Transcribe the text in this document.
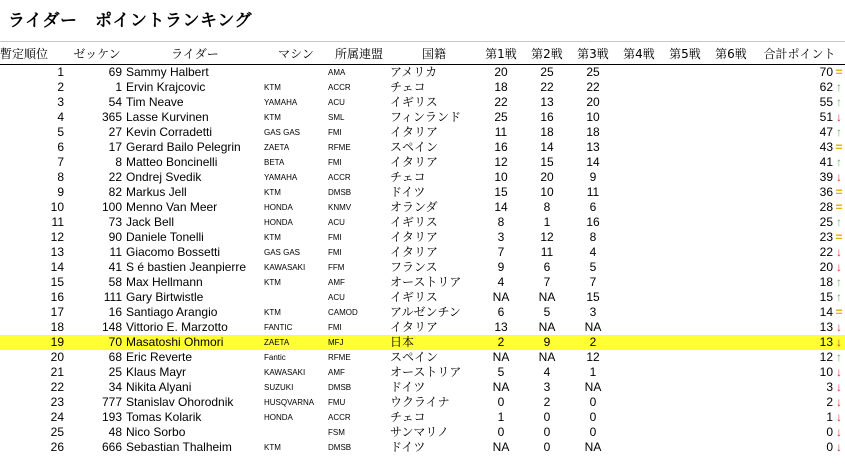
ライダー　ポイントランキング
暫定順位	ゼッケン	ライダー	マシン	所属連盟	国籍	第1戦	第2戦	第3戦	第4戦	第5戦	第6戦	合計ポイント
1	69	Sammy Halbert		AMA	アメリカ	20	25	25				70 =
2	1	Ervin Krajcovic	KTM	ACCR	チェコ	18	22	22				62 ↑
3	54	Tim Neave	YAMAHA	ACU	イギリス	22	13	20				55 ↑
4	365	Lasse Kurvinen	KTM	SML	フィンランド	25	16	10				51 ↓
5	27	Kevin Corradetti	GAS GAS	FMI	イタリア	11	18	18				47 ↑
6	17	Gerard Bailo Pelegrin	ZAETA	RFME	スペイン	16	14	13				43 =
7	8	Matteo Boncinelli	BETA	FMI	イタリア	12	15	14				41 ↑
8	22	Ondrej Svedik	YAMAHA	ACCR	チェコ	10	20	9				39 ↓
9	82	Markus Jell	KTM	DMSB	ドイツ	15	10	11				36 =
10	100	Menno Van Meer	HONDA	KNMV	オランダ	14	8	6				28 =
11	73	Jack Bell	HONDA	ACU	イギリス	8	1	16				25 ↑
12	90	Daniele Tonelli	KTM	FMI	イタリア	3	12	8				23 =
13	11	Giacomo Bossetti	GAS GAS	FMI	イタリア	7	11	4				22 ↓
14	41	S é bastien Jeanpierre	KAWASAKI	FFM	フランス	9	6	5				20 ↓
15	58	Max Hellmann	KTM	AMF	オーストリア	4	7	7				18 ↑
16	111	Gary Birtwistle		ACU	イギリス	NA	NA	15				15 ↑
17	16	Santiago Arangio	KTM	CAMOD	アルゼンチン	6	5	3				14 =
18	148	Vittorio E. Marzotto	FANTIC	FMI	イタリア	13	NA	NA				13 ↓
19	70	Masatoshi Ohmori	ZAETA	MFJ	日本	2	9	2				13 ↓
20	68	Eric Reverte	Fantic	RFME	スペイン	NA	NA	12				12 ↑
21	25	Klaus Mayr	KAWASAKI	AMF	オーストリア	5	4	1				10 ↓
22	34	Nikita Alyani	SUZUKI	DMSB	ドイツ	NA	3	NA				3 ↓
23	777	Stanislav Ohorodnik	HUSQVARNA	FMU	ウクライナ	0	2	0				2 ↓
24	193	Tomas Kolarik	HONDA	ACCR	チェコ	1	0	0				1 ↓
25	48	Nico Sorbo		FSM	サンマリノ	0	0	0				0 ↓
26	666	Sebastian Thalheim	KTM	DMSB	ドイツ	NA	0	NA				0 ↓
